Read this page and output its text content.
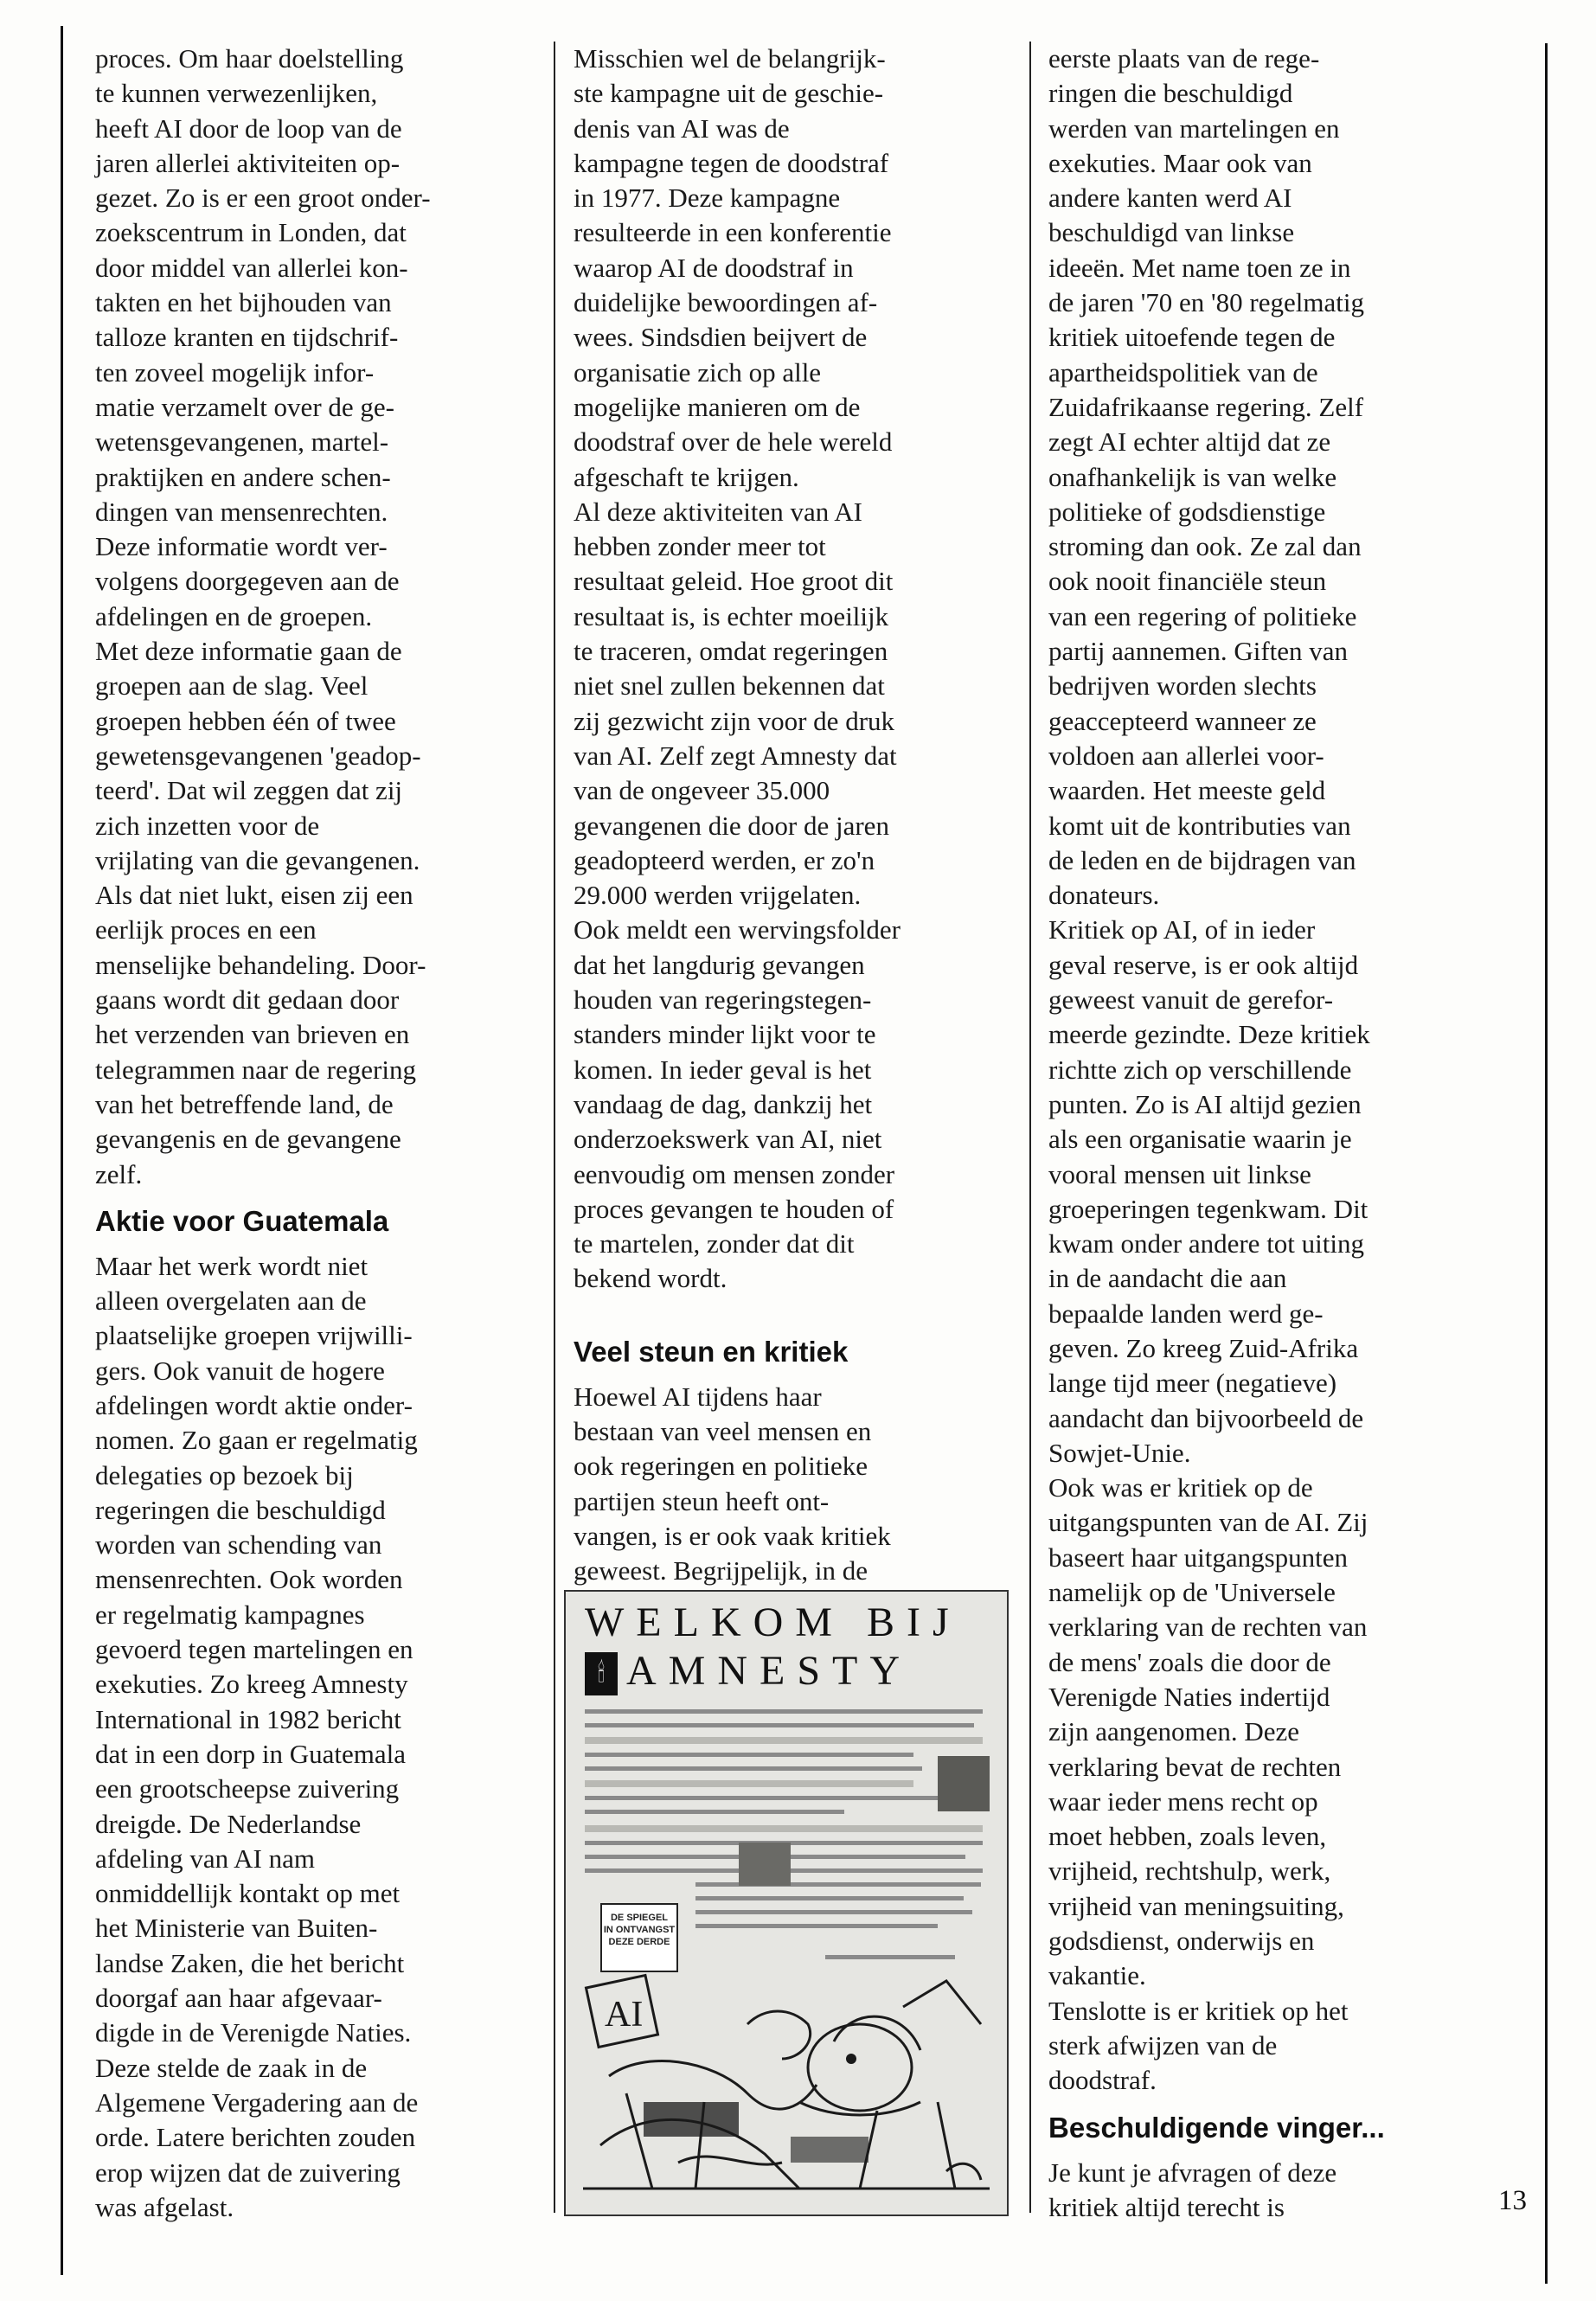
proces. Om haar doelstelling
te kunnen verwezenlijken,
heeft AI door de loop van de
jaren allerlei aktiviteiten op-
gezet. Zo is er een groot onder-
zoekscentrum in Londen, dat
door middel van allerlei kon-
takten en het bijhouden van
talloze kranten en tijdschrif-
ten zoveel mogelijk infor-
matie verzamelt over de ge-
wetensgevangenen, martel-
praktijken en andere schen-
dingen van mensenrechten.

Deze informatie wordt ver-
volgens doorgegeven aan de
afdelingen en de groepen.

Met deze informatie gaan de
groepen aan de slag. Veel
groepen hebben één of twee
gewetensgevangenen 'geadop-
teerd'. Dat wil zeggen dat zij
zich inzetten voor de
vrijlating van die gevangenen.
Als dat niet lukt, eisen zij een
eerlijk proces en een
menselijke behandeling. Door-
gaans wordt dit gedaan door
het verzenden van brieven en
telegrammen naar de regering
van het betreffende land, de
gevangenis en de gevangene
zelf.

Aktie voor Guatemala

Maar het werk wordt niet
alleen overgelaten aan de
plaatselijke groepen vrijwilli-
gers. Ook vanuit de hogere
afdelingen wordt aktie onder-
nomen. Zo gaan er regelmatig
delegaties op bezoek bij
regeringen die beschuldigd
worden van schending van
mensenrechten. Ook worden
er regelmatig kampagnes
gevoerd tegen martelingen en
exekuties. Zo kreeg Amnesty
International in 1982 bericht
dat in een dorp in Guatemala
een grootscheepse zuivering
dreigde. De Nederlandse
afdeling van AI nam
onmiddellijk kontakt op met
het Ministerie van Buiten-
landse Zaken, die het bericht
doorgaf aan haar afgevaar-
digde in de Verenigde Naties.
Deze stelde de zaak in de
Algemene Vergadering aan de
orde. Latere berichten zouden
erop wijzen dat de zuivering
was afgelast.

Misschien wel de belangrijk-
ste kampagne uit de geschie-
denis van AI was de
kampagne tegen de doodstraf
in 1977. Deze kampagne
resulteerde in een konferentie
waarop AI de doodstraf in
duidelijke bewoordingen af-
wees. Sindsdien beijvert de
organisatie zich op alle
mogelijke manieren om de
doodstraf over de hele wereld
afgeschaft te krijgen.

Al deze aktiviteiten van AI
hebben zonder meer tot
resultaat geleid. Hoe groot dit
resultaat is, is echter moeilijk
te traceren, omdat regeringen
niet snel zullen bekennen dat
zij gezwicht zijn voor de druk
van AI. Zelf zegt Amnesty dat
van de ongeveer 35.000
gevangenen die door de jaren
geadopteerd werden, er zo'n
29.000 werden vrijgelaten.

Ook meldt een wervingsfolder
dat het langdurig gevangen
houden van regeringstegen-
standers minder lijkt voor te
komen. In ieder geval is het
vandaag de dag, dankzij het
onderzoekswerk van AI, niet
eenvoudig om mensen zonder
proces gevangen te houden of
te martelen, zonder dat dit
bekend wordt.

Veel steun en kritiek

Hoewel AI tijdens haar
bestaan van veel mensen en
ook regeringen en politieke
partijen steun heeft ont-
vangen, is er ook vaak kritiek
geweest. Begrijpelijk, in de

WELKOM BIJ
🕯 AMNESTY
DE SPIEGEL
IN ONTVANGST
DEZE DERDE
AI

eerste plaats van de rege-
ringen die beschuldigd
werden van martelingen en
exekuties. Maar ook van
andere kanten werd AI
beschuldigd van linkse
ideeën. Met name toen ze in
de jaren '70 en '80 regelmatig
kritiek uitoefende tegen de
apartheidspolitiek van de
Zuidafrikaanse regering. Zelf
zegt AI echter altijd dat ze
onafhankelijk is van welke
politieke of godsdienstige
stroming dan ook. Ze zal dan
ook nooit financiële steun
van een regering of politieke
partij aannemen. Giften van
bedrijven worden slechts
geaccepteerd wanneer ze
voldoen aan allerlei voor-
waarden. Het meeste geld
komt uit de kontributies van
de leden en de bijdragen van
donateurs.

Kritiek op AI, of in ieder
geval reserve, is er ook altijd
geweest vanuit de gerefor-
meerde gezindte. Deze kritiek
richtte zich op verschillende
punten. Zo is AI altijd gezien
als een organisatie waarin je
vooral mensen uit linkse
groeperingen tegenkwam. Dit
kwam onder andere tot uiting
in de aandacht die aan
bepaalde landen werd ge-
geven. Zo kreeg Zuid-Afrika
lange tijd meer (negatieve)
aandacht dan bijvoorbeeld de
Sowjet-Unie.

Ook was er kritiek op de
uitgangspunten van de AI. Zij
baseert haar uitgangspunten
namelijk op de 'Universele
verklaring van de rechten van
de mens' zoals die door de
Verenigde Naties indertijd
zijn aangenomen. Deze
verklaring bevat de rechten
waar ieder mens recht op
moet hebben, zoals leven,
vrijheid, rechtshulp, werk,
vrijheid van meningsuiting,
godsdienst, onderwijs en
vakantie.

Tenslotte is er kritiek op het
sterk afwijzen van de
doodstraf.

Beschuldigende vinger...

Je kunt je afvragen of deze
kritiek altijd terecht is	13
